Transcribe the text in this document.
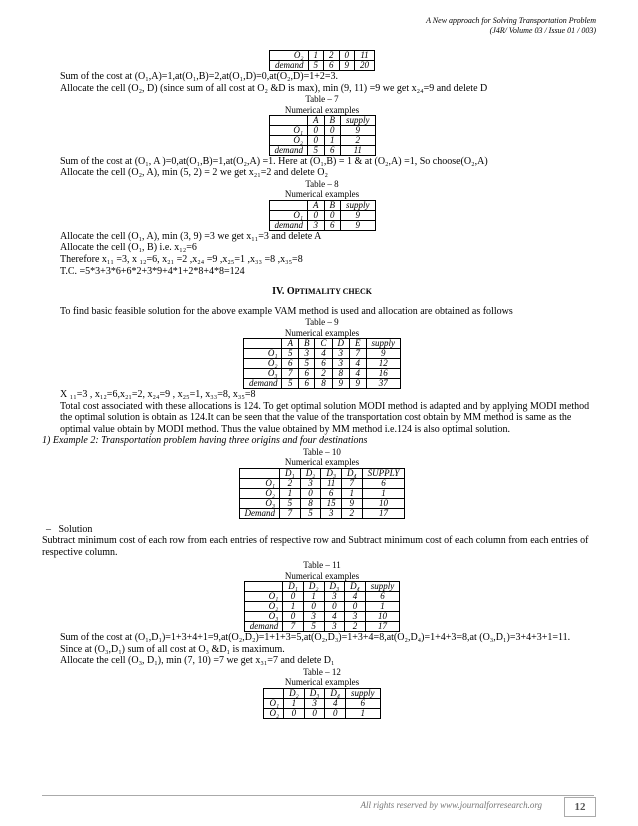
A New approach for Solving Transportation Problem
(J4R/ Volume 03 / Issue 01 / 003)
O₂	1	2	0	11
demand	5	6	9	20

Sum of the cost at (O₁,A)=1,at(O₁,B)=2,at(O₁,D)=0,at(O₂,D)=1+2=3.

Allocate the cell (O₂, D) (since sum of all cost at O₂ &D is max), min (9, 11) =9 we get x₂₄=9 and delete D

Table – 7
Numerical examples
	A	B	supply
O₁	0	0	9
O₂	0	1	2
demand	5	6	11

Sum of the cost at (O₁, A )=0,at(O₁,B)=1,at(O₂,A) =1. Here at (O₁,B) = 1 & at (O₂,A) =1, So choose(O₂,A)

Allocate the cell (O₂, A), min (5, 2) = 2 we get x₂₁=2 and delete O₂

Table – 8
Numerical examples
	A	B	supply
O₁	0	0	9
demand	3	6	9

Allocate the cell (O₁, A), min (3, 9) =3 we get x₁₁=3 and delete A

Allocate the cell (O₁, B) i.e. x₁₂=6

Therefore x₁₁ =3, x ₁₂=6, x₂₁ =2 ,x₂₄ =9 ,x₂₅=1 ,x₃₃ =8 ,x₃₅=8

T.C. =5*3+3*6+6*2+3*9+4*1+2*8+4*8=124

IV. OPTIMALITY CHECK

To find basic feasible solution for the above example VAM method is used and allocation are obtained as follows

Table – 9
Numerical examples
	A	B	C	D	E	supply
O₁	5	3	4	3	7	9
O₂	6	5	6	3	4	12
O₃	7	6	2	8	4	16
demand	5	6	8	9	9	37

X ₁₁=3 , x₁₂=6,x₂₁=2, x₂₄=9 , x₂₅=1, x₃₃=8, x₃₅=8

Total cost associated with these allocations is 124. To get optimal solution MODI method is adapted and by applying MODI method the optimal solution is obtain as 124.It can be seen that the value of the transportation cost obtain by MM method is same as the optimal value obtain by MODI method. Thus the value obtained by MM method i.e.124 is also optimal solution.

1) Example 2: Transportation problem having three origins and four destinations

Table – 10
Numerical examples
	D₁	D₂	D₃	D₄	SUPPLY
O₁	2	3	11	7	6
O₂	1	0	6	1	1
O₃	5	8	15	9	10
Demand	7	5	3	2	17

– Solution

Subtract minimum cost of each row from each entries of respective row and Subtract minimum cost of each column from each entries of respective column.

Table – 11
Numerical examples
	D₁	D₂	D₃	D₄	supply
O₁	0	1	3	4	6
O₂	1	0	0	0	1
O₃	0	3	4	3	10
demand	7	5	3	2	17

Sum of the cost at (O₁,D₁)=1+3+4+1=9,at(O₂,D₂)=1+1+3=5,at(O₂,D₃)=1+3+4=8,at(O₂,D₄)=1+4+3=8,at (O₃,D₁)=3+4+3+1=11.

Since at (O₃,D₁) sum of all cost at O₃ &D₁ is maximum.

Allocate the cell (O₃, D₁), min (7, 10) =7 we get x₃₁=7 and delete D₁

Table – 12
Numerical examples
	D₂	D₃	D₄	supply
O₁	1	3	4	6
O₂	0	0	0	1
All rights reserved by www.journalforresearch.org	12
